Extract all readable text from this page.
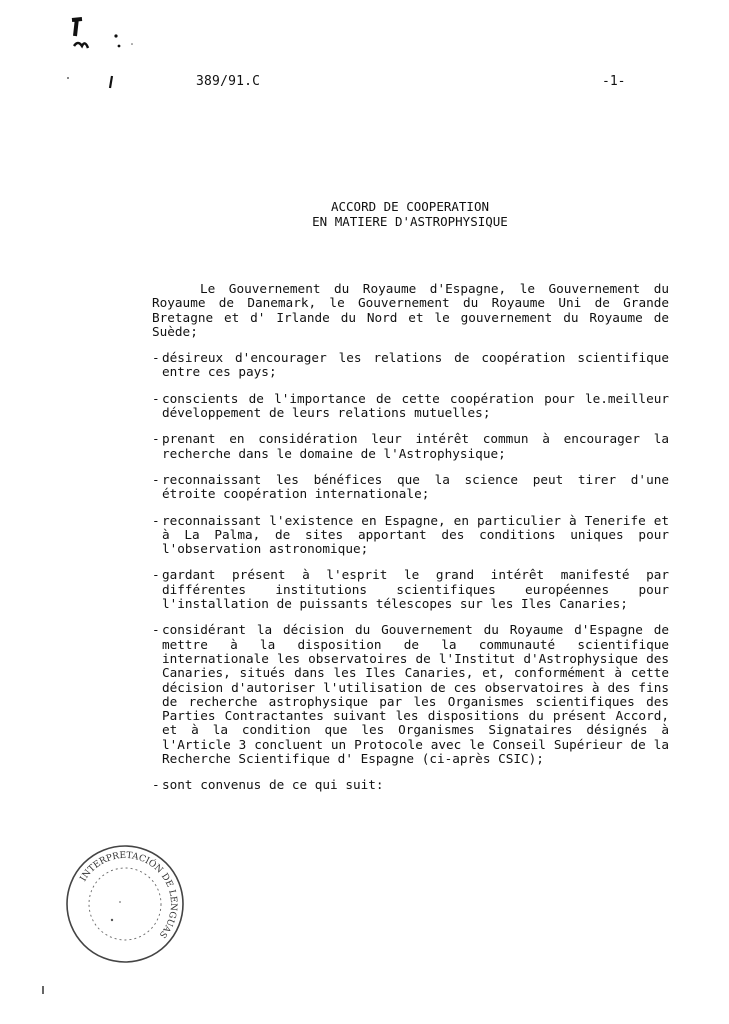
389/91.C	-1-
ACCORD DE COOPERATION
EN MATIERE D'ASTROPHYSIQUE

Le Gouvernement du Royaume d'Espagne, le Gouvernement du Royaume de Danemark, le Gouvernement du Royaume Uni de Grande Bretagne et d' Irlande du Nord et le gouvernement du Royaume de Suède;

- désireux d'encourager les relations de coopération scientifique entre ces pays;
- conscients de l'importance de cette coopération pour le.meilleur développement de leurs relations mutuelles;
- prenant en considération leur intérêt commun à encourager la recherche dans le domaine de l'Astrophysique;
- reconnaissant les bénéfices que la science peut tirer d'une étroite coopération internationale;
- reconnaissant l'existence en Espagne, en particulier à Tenerife et à La Palma, de sites apportant des conditions uniques pour l'observation astronomique;
- gardant présent à l'esprit le grand intérêt manifesté par différentes institutions scientifiques européennes pour l'installation de puissants télescopes sur les Iles Canaries;
- considérant la décision du Gouvernement du Royaume d'Espagne de mettre à la disposition de la communauté scientifique internationale les observatoires de l'Institut d'Astrophysique des Canaries, situés dans les Iles Canaries, et, conformément à cette décision d'autoriser l'utilisation de ces observatoires à des fins de recherche astrophysique par les Organismes scientifiques des Parties Contractantes suivant les dispositions du présent Accord, et à la condition que les Organismes Signataires désignés à l'Article 3 concluent un Protocole avec le Conseil Supérieur de la Recherche Scientifique d' Espagne (ci-après CSIC);
- sont convenus de ce qui suit:
INTERPRETACIÓN DE LENGUAS
